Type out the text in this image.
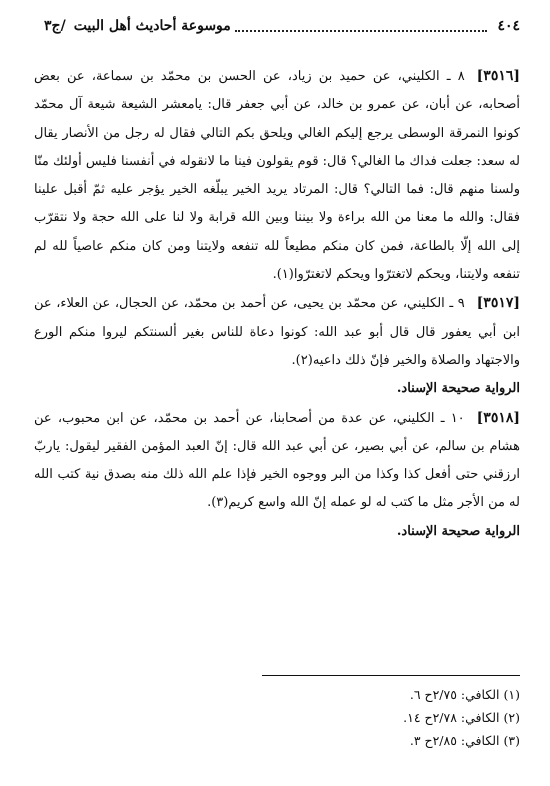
٤٠٤
موسوعة أحاديث أهل البيت
/ج٣

[٣٥١٦]٨ ـ الكليني، عن حميد بن زياد، عن الحسن بن محمّد بن سماعة، عن بعض أصحابه، عن أبان، عن عمرو بن خالد، عن أبي جعفر قال: يامعشر الشيعة شيعة آل محمّد كونوا النمرقة الوسطى يرجع إليكم الغالي ويلحق بكم التالي فقال له رجل من الأنصار يقال له سعد: جعلت فداك ما الغالي؟ قال: قوم يقولون فينا ما لانقوله في أنفسنا فليس أولئك منّا ولسنا منهم قال: فما التالي؟ قال: المرتاد يريد الخير يبلّغه الخير يؤجر عليه ثمّ أقبل علينا فقال: والله ما معنا من الله براءة ولا بيننا وبين الله قرابة ولا لنا على الله حجة ولا نتقرّب إلى الله إلّا بالطاعة، فمن كان منكم مطيعاً لله تنفعه ولايتنا ومن كان منكم عاصياً لله لم تنفعه ولايتنا، ويحكم لاتغترّوا ويحكم لاتغترّوا(١).

[٣٥١٧]٩ ـ الكليني، عن محمّد بن يحيى، عن أحمد بن محمّد، عن الحجال، عن العلاء، عن ابن أبي يعفور قال قال أبو عبد الله: كونوا دعاة للناس بغير ألسنتكم ليروا منكم الورع والاجتهاد والصلاة والخير فإنّ ذلك داعيه(٢).

الرواية صحيحة الإسناد.

[٣٥١٨]١٠ ـ الكليني، عن عدة من أصحابنا، عن أحمد بن محمّد، عن ابن محبوب، عن هشام بن سالم، عن أبي بصير، عن أبي عبد الله قال: إنّ العبد المؤمن الفقير ليقول: ياربّ ارزقني حتى أفعل كذا وكذا من البر ووجوه الخير فإذا علم الله ذلك منه بصدق نية كتب الله له من الأجر مثل ما كتب له لو عمله إنّ الله واسع كريم(٣).

الرواية صحيحة الإسناد.

(١) الكافي: ٢/٧٥ح ٦.
(٢) الكافي: ٢/٧٨ح ١٤.
(٣) الكافي: ٢/٨٥ح ٣.
